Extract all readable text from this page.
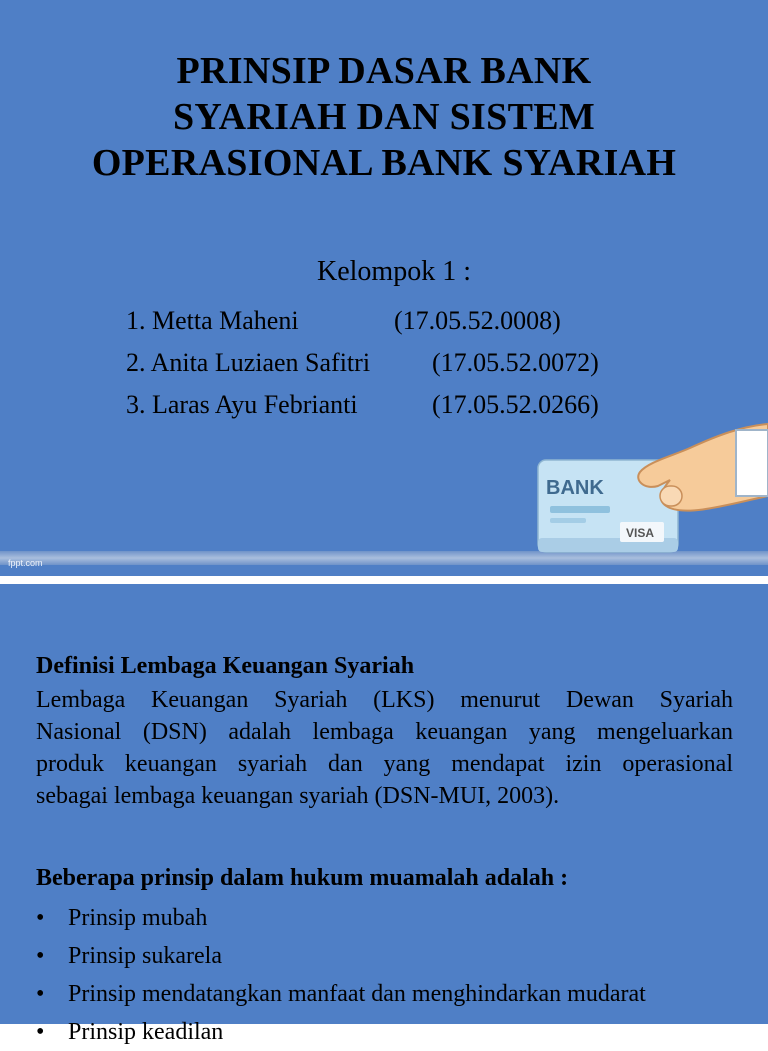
PRINSIP DASAR BANK
SYARIAH DAN SISTEM
OPERASIONAL BANK SYARIAH
Kelompok 1 :
1. Metta Maheni	(17.05.52.0008)
2. Anita Luziaen Safitri (17.05.52.0072)
3. Laras Ayu Febrianti	(17.05.52.0266)
fppt.com
BANK
VISA
Definisi Lembaga Keuangan Syariah
Lembaga Keuangan Syariah (LKS) menurut Dewan Syariah
Nasional (DSN) adalah lembaga keuangan yang mengeluarkan
produk keuangan syariah dan yang mendapat izin operasional
sebagai lembaga keuangan syariah (DSN-MUI, 2003).
Beberapa prinsip dalam hukum muamalah adalah :
• Prinsip mubah
• Prinsip sukarela
• Prinsip mendatangkan manfaat dan menghindarkan mudarat
• Prinsip keadilan
